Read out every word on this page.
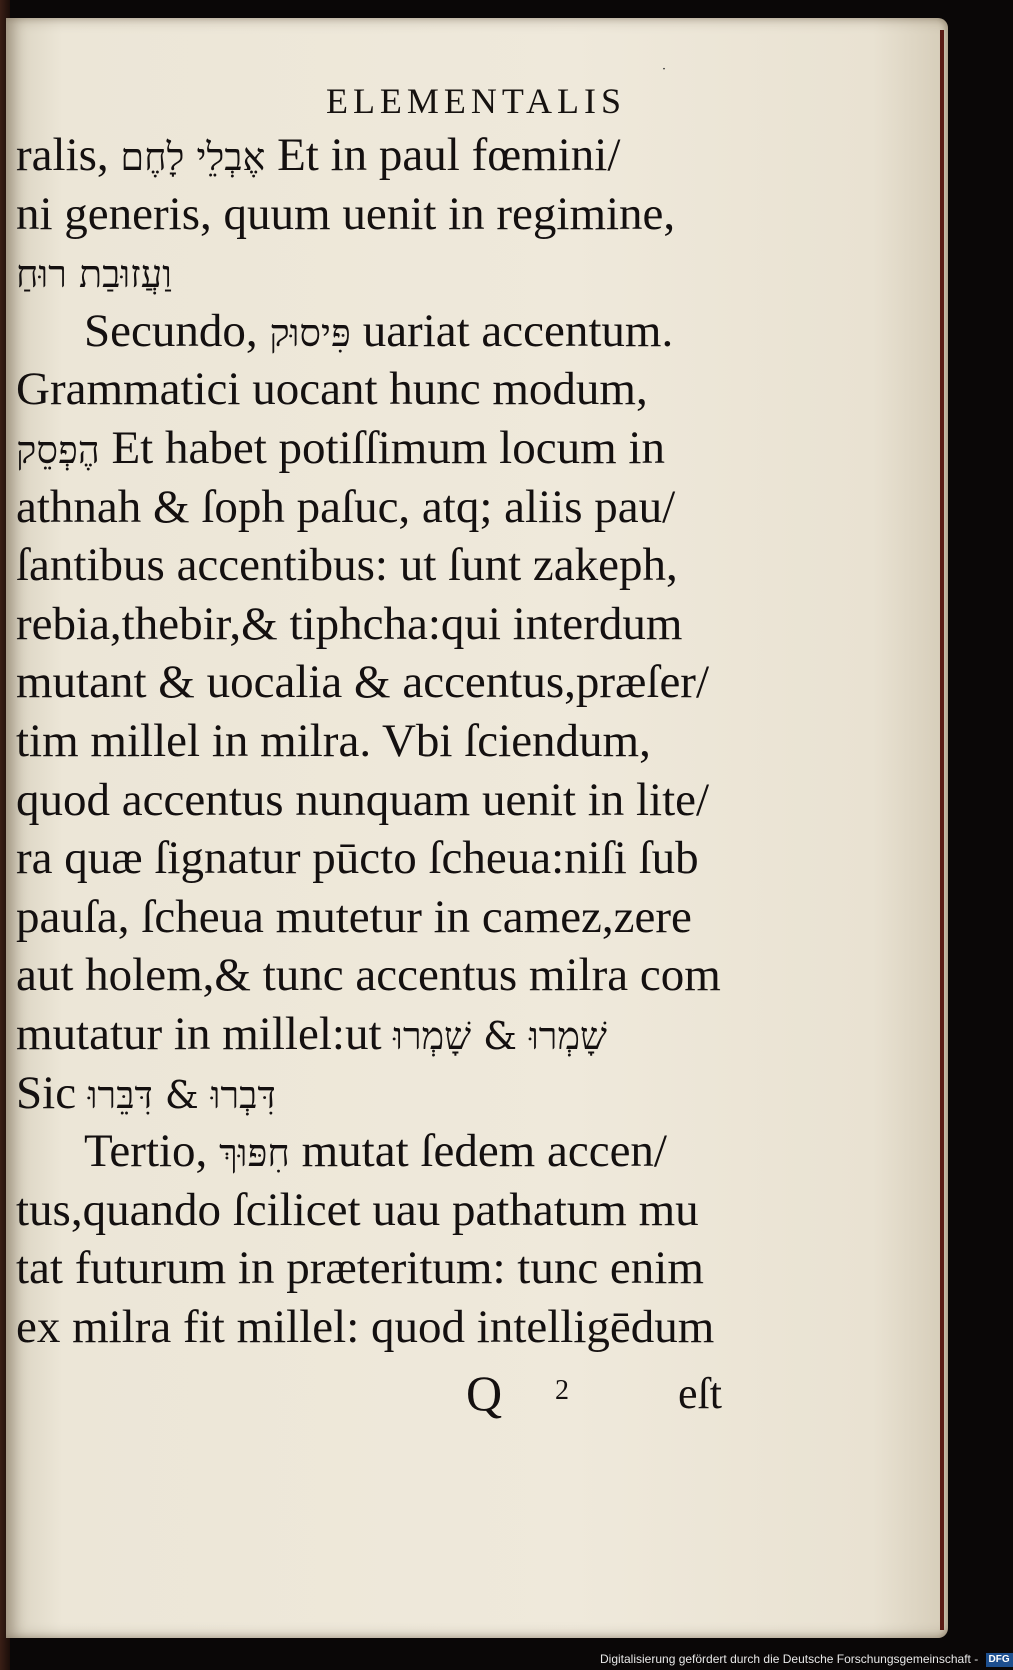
ELEMENTALIS
ralis, אֶבְלֵי לָחֶם Et in paul fœmini/
ni generis, quum uenit in regimine,
וַעֲזוּבַת רוּחַ
Secundo, פִּיסוּק uariat accentum.
Grammatici uocant hunc modum,
הֶפְסֵק Et habet potiſſimum locum in
athnah & ſoph paſuc, atq; aliis pau/
ſantibus accentibus: ut ſunt zakeph,
rebia,thebir,& tiphcha:qui interdum
mutant & uocalia & accentus,præſer/
tim millel in milra. Vbi ſciendum,
quod accentus nunquam uenit in lite/
ra quæ ſignatur pūcto ſcheua:niſi ſub
pauſa, ſcheua mutetur in camez,zere
aut holem,& tunc accentus milra com
mutatur in millel:ut שָׁמְרוּ & שָׁמְרוּ
Sic דִּבְרוּ & דִּבֵּרוּ
Tertio, חִפּוּךְ mutat ſedem accen/
tus,quando ſcilicet uau pathatum mu
tat futurum in præteritum: tunc enim
ex milra fit millel: quod intelligēdum
Q 2 eſt
Digitalisierung gefördert durch die Deutsche Forschungsgemeinschaft - DFG
